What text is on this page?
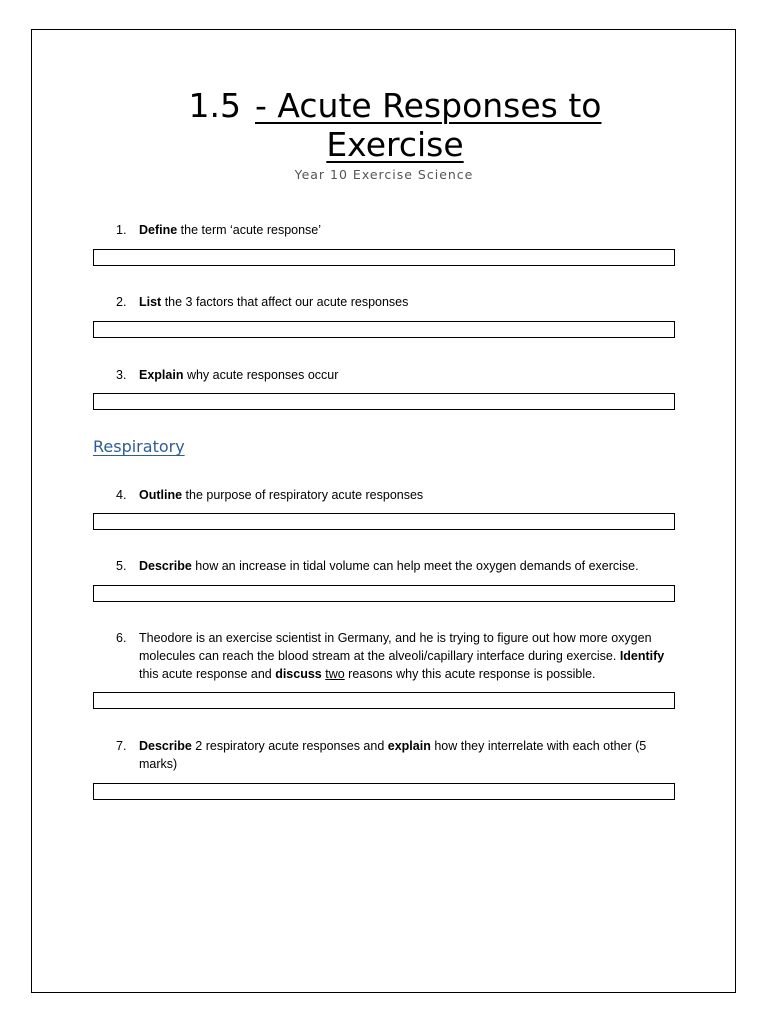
1.5 - Acute Responses to Exercise
Year 10 Exercise Science
1.	Define the term ‘acute response’
2.	List the 3 factors that affect our acute responses
3.	Explain why acute responses occur
Respiratory
4.	Outline the purpose of respiratory acute responses
5.	Describe how an increase in tidal volume can help meet the oxygen demands of exercise.
6.	Theodore is an exercise scientist in Germany, and he is trying to figure out how more oxygen molecules can reach the blood stream at the alveoli/capillary interface during exercise. Identify this acute response and discuss two reasons why this acute response is possible.
7.	Describe 2 respiratory acute responses and explain how they interrelate with each other (5 marks)
